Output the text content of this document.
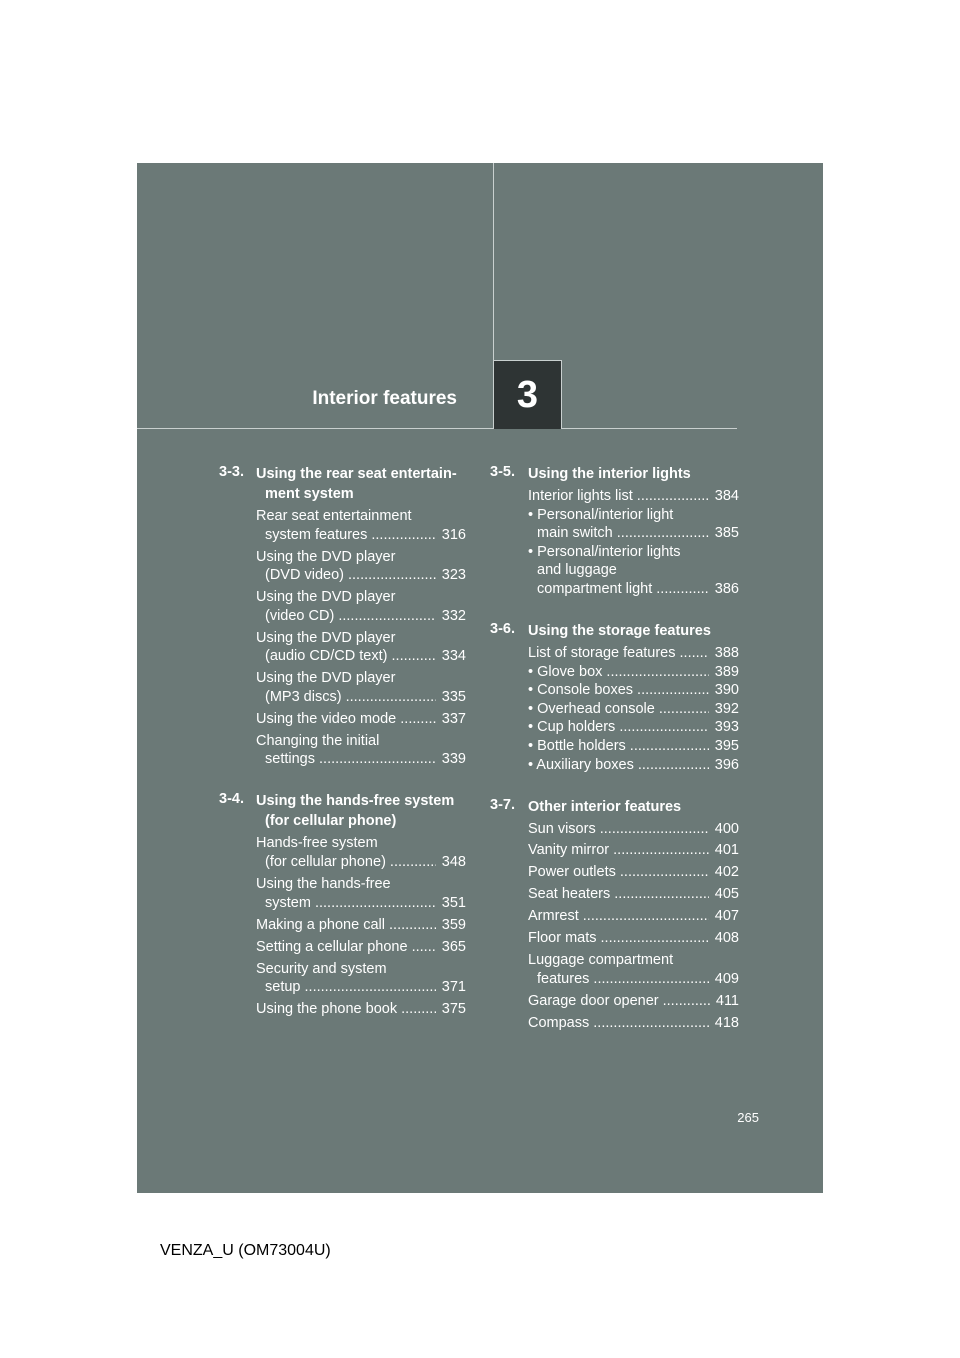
Interior features 3
3-3. Using the rear seat entertain-

ment system
Rear seat entertainment
system features .....	316
Using the DVD player
(DVD video) .....	323
Using the DVD player
(video CD) .....	332
Using the DVD player
(audio CD/CD text) .....	334
Using the DVD player
(MP3 discs) .....	335
Using the video mode .....	337
Changing the initial
settings .....	339
3-4. Using the hands-free system

(for cellular phone)
Hands-free system
(for cellular phone) .....	348
Using the hands-free
system .....	351
Making a phone call .....	359
Setting a cellular phone .....	365
Security and system
setup .....	371
Using the phone book .....	375
3-5. Using the interior lights
Interior lights list .....	384
• Personal/interior light
main switch .....	385
• Personal/interior lights
and luggage
compartment light .....	386
3-6. Using the storage features
List of storage features .....	388
• Glove box .....	389
• Console boxes .....	390
• Overhead console .....	392
• Cup holders .....	393
• Bottle holders .....	395
• Auxiliary boxes .....	396
3-7. Other interior features
Sun visors .....	400
Vanity mirror .....	401
Power outlets .....	402
Seat heaters .....	405
Armrest .....	407
Floor mats .....	408
Luggage compartment
features .....	409
Garage door opener .....	411
Compass .....	418
265
VENZA_U (OM73004U)
